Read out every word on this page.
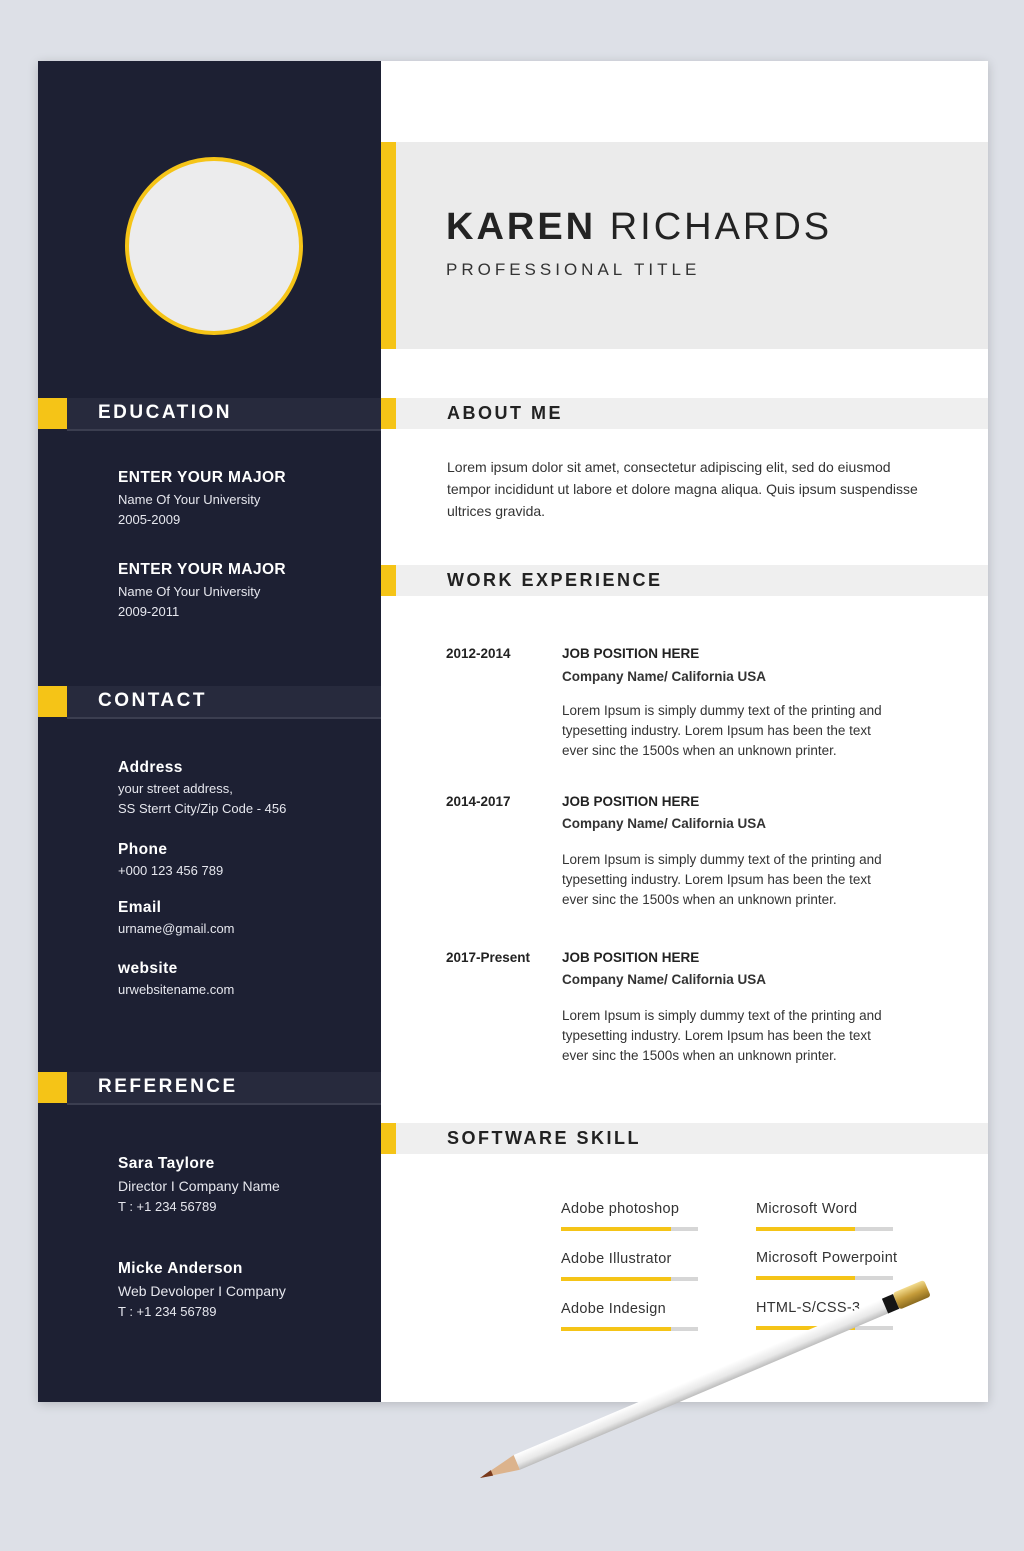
KAREN RICHARDS
PROFESSIONAL TITLE
EDUCATION
ENTER YOUR MAJOR
Name Of Your University
2005-2009
ENTER YOUR MAJOR
Name Of Your University
2009-2011
CONTACT
Address
your street address,
SS Sterrt City/Zip Code - 456
Phone
+000 123 456 789
Email
urname@gmail.com
website
urwebsitename.com
REFERENCE
Sara Taylore
Director I Company Name
T : +1 234 56789
Micke Anderson
Web Devoloper I Company
T : +1 234 56789
ABOUT ME
Lorem ipsum dolor sit amet, consectetur adipiscing elit, sed do eiusmod tempor incididunt ut labore et dolore magna aliqua. Quis ipsum suspendisse ultrices gravida.
WORK EXPERIENCE
2012-2014	JOB POSITION HERE
Company Name/ California USA
Lorem Ipsum is simply dummy text of the printing and typesetting industry. Lorem Ipsum has been the text ever sinc the 1500s when an unknown printer.
2014-2017	JOB POSITION HERE
Company Name/ California USA
Lorem Ipsum is simply dummy text of the printing and typesetting industry. Lorem Ipsum has been the text ever sinc the 1500s when an unknown printer.
2017-Present JOB POSITION HERE
Company Name/ California USA
Lorem Ipsum is simply dummy text of the printing and typesetting industry. Lorem Ipsum has been the text ever sinc the 1500s when an unknown printer.
SOFTWARE SKILL
Adobe photoshop
Adobe Illustrator
Adobe Indesign
Microsoft Word
Microsoft Powerpoint
HTML-S/CSS-3
